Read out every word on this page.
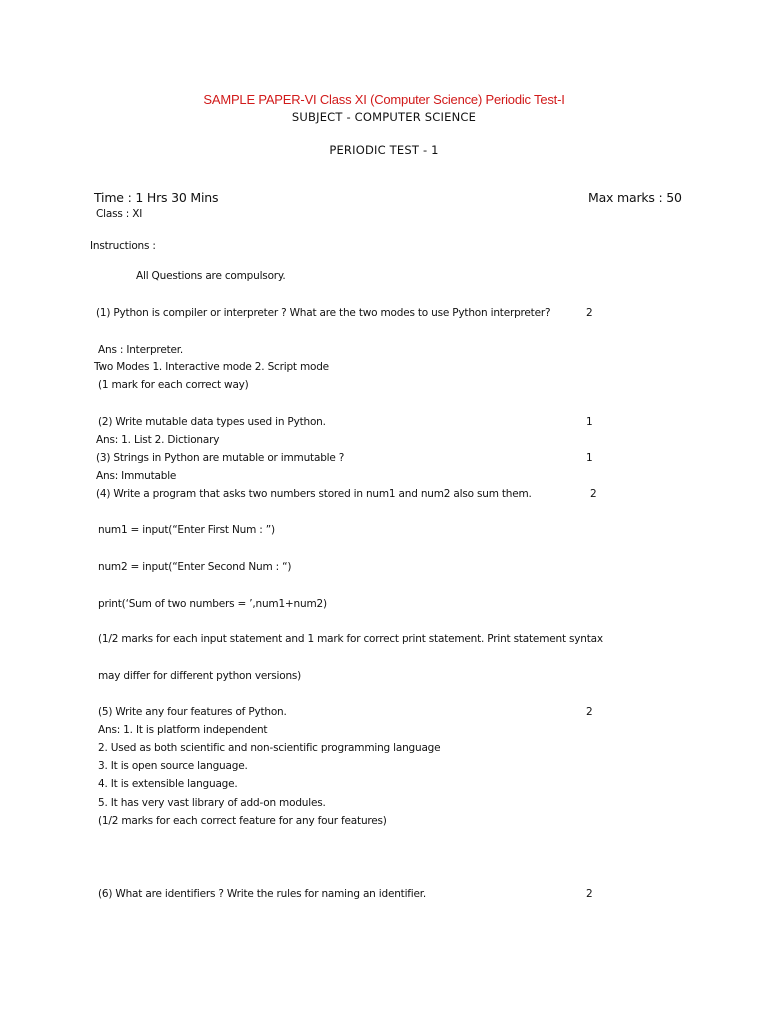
SAMPLE PAPER-VI Class XI (Computer Science) Periodic Test-I
SUBJECT - COMPUTER SCIENCE
PERIODIC TEST - 1
Time : 1 Hrs 30 Mins	Max marks : 50
Class : XI
Instructions :
All Questions are compulsory.
(1) Python is compiler or interpreter ? What are the two modes to use Python interpreter?	2
Ans : Interpreter.
Two Modes 1. Interactive mode 2. Script mode
(1 mark for each correct way)
(2) Write mutable data types used in Python.	1
Ans: 1. List 2. Dictionary
(3) Strings in Python are mutable or immutable ?	1
Ans: Immutable
(4) Write a program that asks two numbers stored in num1 and num2 also sum them.	2
num1 = input(“Enter First Num : ”)
num2 = input(“Enter Second Num : “)
print(‘Sum of two numbers = ’,num1+num2)
(1/2 marks for each input statement and 1 mark for correct print statement. Print statement syntax
may differ for different python versions)
(5) Write any four features of Python.	2
Ans: 1. It is platform independent
2. Used as both scientific and non-scientific programming language
3. It is open source language.
4. It is extensible language.
5. It has very vast library of add-on modules.
(1/2 marks for each correct feature for any four features)
(6) What are identifiers ? Write the rules for naming an identifier.	2
